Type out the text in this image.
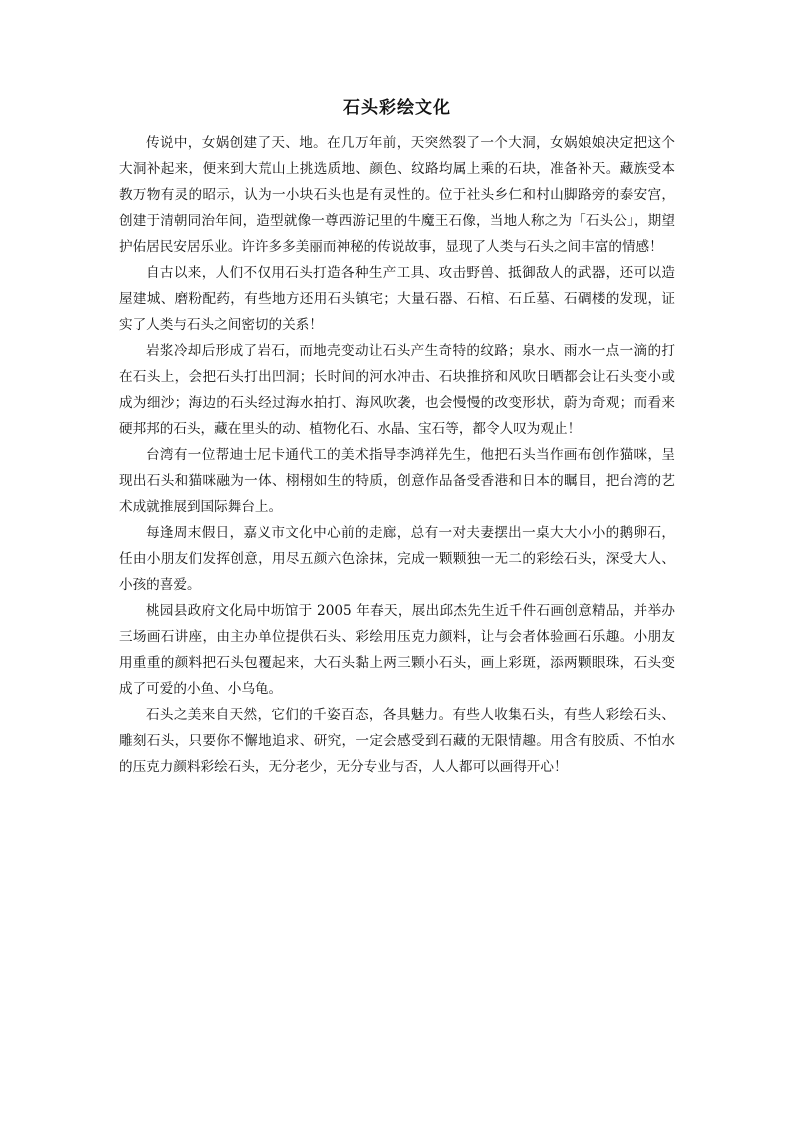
石头彩绘文化

传说中，女娲创建了天、地。在几万年前，天突然裂了一个大洞，女娲娘娘决定把这个大洞补起来，便来到大荒山上挑选质地、颜色、纹路均属上乘的石块，准备补天。藏族受本教万物有灵的昭示，认为一小块石头也是有灵性的。位于社头乡仁和村山脚路旁的泰安宫，创建于清朝同治年间，造型就像一尊西游记里的牛魔王石像，当地人称之为「石头公」，期望护佑居民安居乐业。许许多多美丽而神秘的传说故事，显现了人类与石头之间丰富的情感！

自古以来，人们不仅用石头打造各种生产工具、攻击野兽、抵御敌人的武器，还可以造屋建城、磨粉配药，有些地方还用石头镇宅；大量石器、石棺、石丘墓、石碉楼的发现，证实了人类与石头之间密切的关系！

岩浆冷却后形成了岩石，而地壳变动让石头产生奇特的纹路；泉水、雨水一点一滴的打在石头上，会把石头打出凹洞；长时间的河水冲击、石块推挤和风吹日晒都会让石头变小或成为细沙；海边的石头经过海水拍打、海风吹袭，也会慢慢的改变形状，蔚为奇观；而看来硬邦邦的石头，藏在里头的动、植物化石、水晶、宝石等，都令人叹为观止！

台湾有一位帮迪士尼卡通代工的美术指导李鸿祥先生，他把石头当作画布创作猫咪，呈现出石头和猫咪融为一体、栩栩如生的特质，创意作品备受香港和日本的瞩目，把台湾的艺术成就推展到国际舞台上。

每逢周末假日，嘉义市文化中心前的走廊，总有一对夫妻摆出一桌大大小小的鹅卵石，任由小朋友们发挥创意，用尽五颜六色涂抹，完成一颗颗独一无二的彩绘石头，深受大人、小孩的喜爱。

桃园县政府文化局中坜馆于 2005 年春天，展出邱杰先生近千件石画创意精品，并举办三场画石讲座，由主办单位提供石头、彩绘用压克力颜料，让与会者体验画石乐趣。小朋友用重重的颜料把石头包覆起来，大石头黏上两三颗小石头，画上彩斑，添两颗眼珠，石头变成了可爱的小鱼、小乌龟。

石头之美来自天然，它们的千姿百态，各具魅力。有些人收集石头，有些人彩绘石头、雕刻石头，只要你不懈地追求、研究，一定会感受到石藏的无限情趣。用含有胶质、不怕水的压克力颜料彩绘石头，无分老少，无分专业与否，人人都可以画得开心！
